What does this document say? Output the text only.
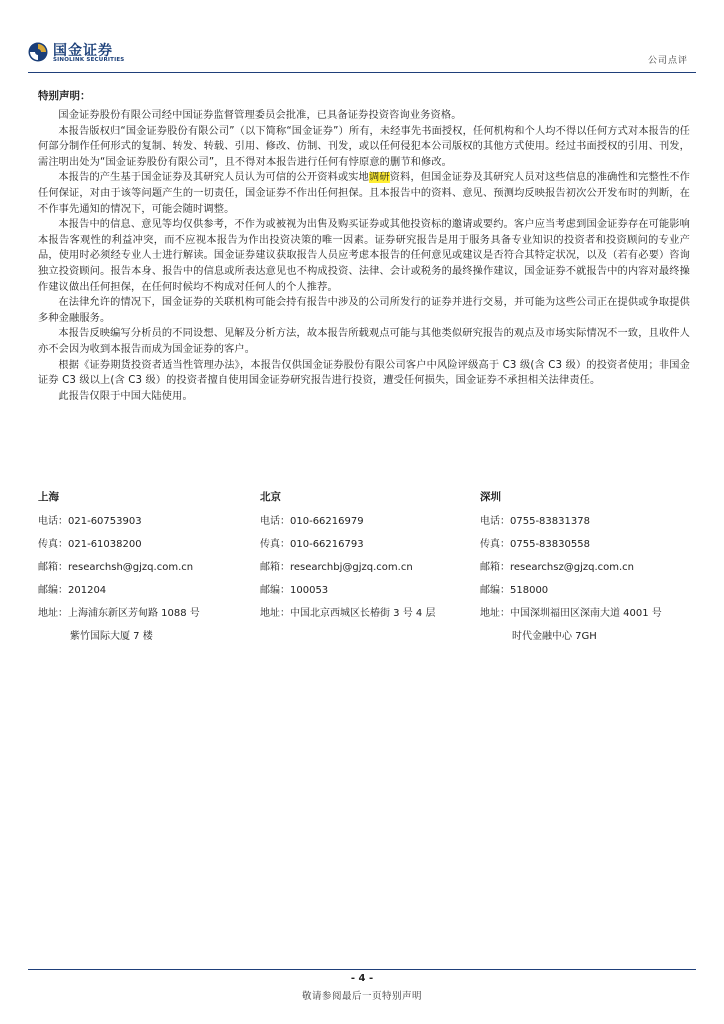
国金证券
SINOLINK SECURITIES	公司点评
特别声明：

国金证券股份有限公司经中国证券监督管理委员会批准，已具备证券投资咨询业务资格。

本报告版权归“国金证券股份有限公司”（以下简称“国金证券”）所有，未经事先书面授权，任何机构和个人均不得以任何方式对本报告的任何部分制作任何形式的复制、转发、转载、引用、修改、仿制、刊发，或以任何侵犯本公司版权的其他方式使用。经过书面授权的引用、刊发，需注明出处为“国金证券股份有限公司”，且不得对本报告进行任何有悖原意的删节和修改。

本报告的产生基于国金证券及其研究人员认为可信的公开资料或实地调研资料，但国金证券及其研究人员对这些信息的准确性和完整性不作任何保证，对由于该等问题产生的一切责任，国金证券不作出任何担保。且本报告中的资料、意见、预测均反映报告初次公开发布时的判断，在不作事先通知的情况下，可能会随时调整。

本报告中的信息、意见等均仅供参考，不作为或被视为出售及购买证券或其他投资标的邀请或要约。客户应当考虑到国金证券存在可能影响本报告客观性的利益冲突，而不应视本报告为作出投资决策的唯一因素。证券研究报告是用于服务具备专业知识的投资者和投资顾问的专业产品，使用时必须经专业人士进行解读。国金证券建议获取报告人员应考虑本报告的任何意见或建议是否符合其特定状况，以及（若有必要）咨询独立投资顾问。报告本身、报告中的信息或所表达意见也不构成投资、法律、会计或税务的最终操作建议，国金证券不就报告中的内容对最终操作建议做出任何担保，在任何时候均不构成对任何人的个人推荐。

在法律允许的情况下，国金证券的关联机构可能会持有报告中涉及的公司所发行的证券并进行交易，并可能为这些公司正在提供或争取提供多种金融服务。

本报告反映编写分析员的不同设想、见解及分析方法，故本报告所载观点可能与其他类似研究报告的观点及市场实际情况不一致，且收件人亦不会因为收到本报告而成为国金证券的客户。

根据《证券期货投资者适当性管理办法》，本报告仅供国金证券股份有限公司客户中风险评级高于 C3 级(含 C3 级）的投资者使用；非国金证券 C3 级以上(含 C3 级）的投资者擅自使用国金证券研究报告进行投资，遭受任何损失，国金证券不承担相关法律责任。

此报告仅限于中国大陆使用。

上海
电话：021-60753903
传真：021-61038200
邮箱：researchsh@gjzq.com.cn
邮编：201204
地址：上海浦东新区芳甸路 1088 号
紫竹国际大厦 7 楼
北京
电话：010-66216979
传真：010-66216793
邮箱：researchbj@gjzq.com.cn
邮编：100053
地址：中国北京西城区长椿街 3 号 4 层
深圳
电话：0755-83831378
传真：0755-83830558
邮箱：researchsz@gjzq.com.cn
邮编：518000
地址：中国深圳福田区深南大道 4001 号
时代金融中心 7GH
- 4 -
敬请参阅最后一页特别声明
